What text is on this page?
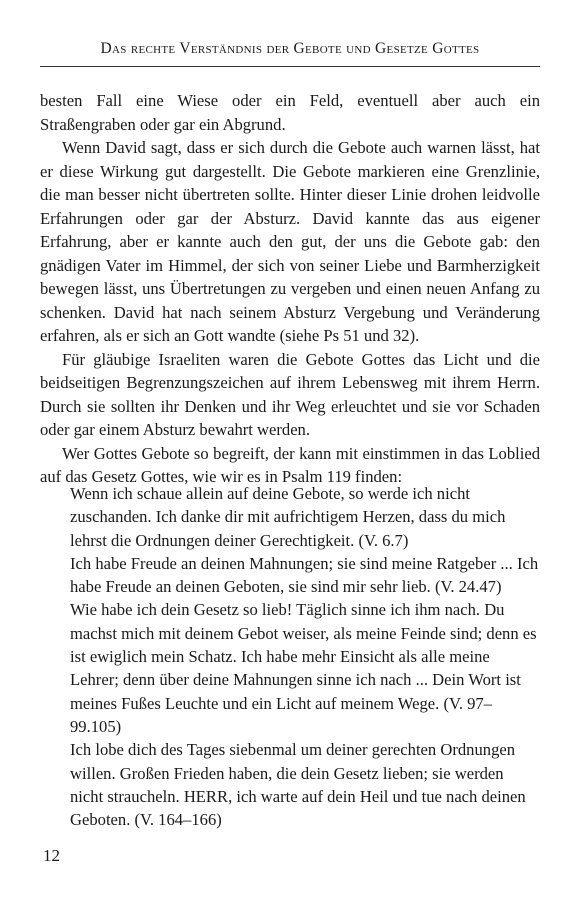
Das rechte Verständnis der Gebote und Gesetze Gottes

besten Fall eine Wiese oder ein Feld, eventuell aber auch ein Straßengraben oder gar ein Abgrund.

Wenn David sagt, dass er sich durch die Gebote auch warnen lässt, hat er diese Wirkung gut dargestellt. Die Gebote markieren eine Grenzlinie, die man besser nicht übertreten sollte. Hinter dieser Linie drohen leidvolle Erfahrungen oder gar der Absturz. David kannte das aus eigener Erfahrung, aber er kannte auch den gut, der uns die Gebote gab: den gnädigen Vater im Himmel, der sich von seiner Liebe und Barmherzigkeit bewegen lässt, uns Übertretungen zu vergeben und einen neuen Anfang zu schenken. David hat nach seinem Absturz Vergebung und Veränderung erfahren, als er sich an Gott wandte (siehe Ps 51 und 32).

Für gläubige Israeliten waren die Gebote Gottes das Licht und die beidseitigen Begrenzungszeichen auf ihrem Lebensweg mit ihrem Herrn. Durch sie sollten ihr Denken und ihr Weg erleuchtet und sie vor Schaden oder gar einem Absturz bewahrt werden.

Wer Gottes Gebote so begreift, der kann mit einstimmen in das Loblied auf das Gesetz Gottes, wie wir es in Psalm 119 finden:

Wenn ich schaue allein auf deine Gebote, so werde ich nicht zuschanden. Ich danke dir mit aufrichtigem Herzen, dass du mich lehrst die Ordnungen deiner Gerechtigkeit. (V. 6.7)

Ich habe Freude an deinen Mahnungen; sie sind meine Ratgeber ... Ich habe Freude an deinen Geboten, sie sind mir sehr lieb. (V. 24.47)

Wie habe ich dein Gesetz so lieb! Täglich sinne ich ihm nach. Du machst mich mit deinem Gebot weiser, als meine Feinde sind; denn es ist ewiglich mein Schatz. Ich habe mehr Einsicht als alle meine Lehrer; denn über deine Mahnungen sinne ich nach ... Dein Wort ist meines Fußes Leuchte und ein Licht auf meinem Wege. (V. 97–99.105)

Ich lobe dich des Tages siebenmal um deiner gerechten Ordnungen willen. Großen Frieden haben, die dein Gesetz lieben; sie werden nicht straucheln. HERR, ich warte auf dein Heil und tue nach deinen Geboten. (V. 164–166)

12
